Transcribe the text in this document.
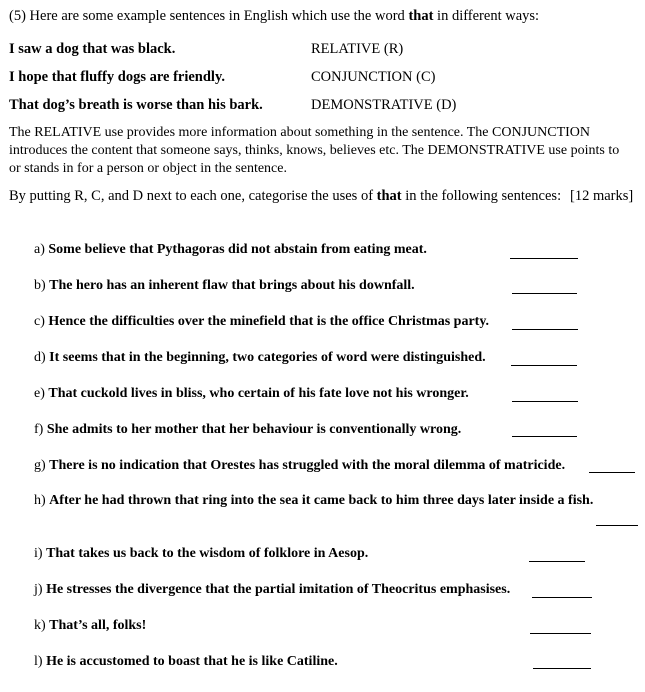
(5) Here are some example sentences in English which use the word that in different ways:
I saw a dog that was black.	RELATIVE (R)
I hope that fluffy dogs are friendly.	CONJUNCTION (C)
That dog’s breath is worse than his bark.	DEMONSTRATIVE (D)
The RELATIVE use provides more information about something in the sentence. The CONJUNCTION introduces the content that someone says, thinks, knows, believes etc. The DEMONSTRATIVE use points to or stands in for a person or object in the sentence.
By putting R, C, and D next to each one, categorise the uses of that in the following sentences: [12 marks]
a) Some believe that Pythagoras did not abstain from eating meat.
b) The hero has an inherent flaw that brings about his downfall.
c) Hence the difficulties over the minefield that is the office Christmas party.
d) It seems that in the beginning, two categories of word were distinguished.
e) That cuckold lives in bliss, who certain of his fate love not his wronger.
f) She admits to her mother that her behaviour is conventionally wrong.
g) There is no indication that Orestes has struggled with the moral dilemma of matricide.
h) After he had thrown that ring into the sea it came back to him three days later inside a fish.
i) That takes us back to the wisdom of folklore in Aesop.
j) He stresses the divergence that the partial imitation of Theocritus emphasises.
k) That’s all, folks!
l) He is accustomed to boast that he is like Catiline.
